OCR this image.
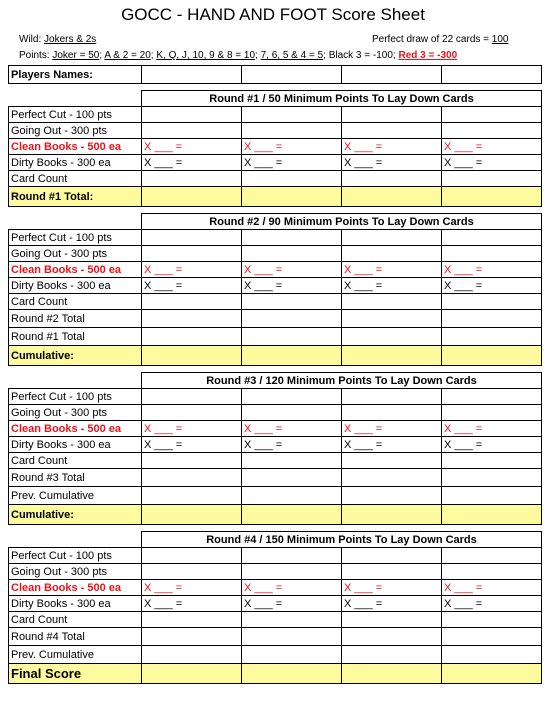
GOCC - HAND AND FOOT Score Sheet
Wild: Jokers & 2s	Perfect draw of 22 cards = 100
Points: Joker = 50; A & 2 = 20; K, Q, J, 10, 9 & 8 = 10; 7, 6, 5 & 4 = 5; Black 3 = -100; Red 3 = -300
Players Names:				

	Round #1 / 50 Minimum Points To Lay Down Cards			
Perfect Cut - 100 pts				
Going Out - 300 pts				
Clean Books - 500 ea	X ___ =	X ___ =	X ___ =	X ___ =
Dirty Books - 300 ea	X ___ =	X ___ =	X ___ =	X ___ =
Card Count				
Round #1 Total:				

	Round #2 / 90 Minimum Points To Lay Down Cards			
Perfect Cut - 100 pts				
Going Out - 300 pts				
Clean Books - 500 ea	X ___ =	X ___ =	X ___ =	X ___ =
Dirty Books - 300 ea	X ___ =	X ___ =	X ___ =	X ___ =
Card Count				
Round #2 Total				
Round #1 Total				
Cumulative:				

	Round #3 / 120 Minimum Points To Lay Down Cards			
Perfect Cut - 100 pts				
Going Out - 300 pts				
Clean Books - 500 ea	X ___ =	X ___ =	X ___ =	X ___ =
Dirty Books - 300 ea	X ___ =	X ___ =	X ___ =	X ___ =
Card Count				
Round #3 Total				
Prev. Cumulative				
Cumulative:				

	Round #4 / 150 Minimum Points To Lay Down Cards			
Perfect Cut - 100 pts				
Going Out - 300 pts				
Clean Books - 500 ea	X ___ =	X ___ =	X ___ =	X ___ =
Dirty Books - 300 ea	X ___ =	X ___ =	X ___ =	X ___ =
Card Count				
Round #4 Total				
Prev. Cumulative				
Final Score				
